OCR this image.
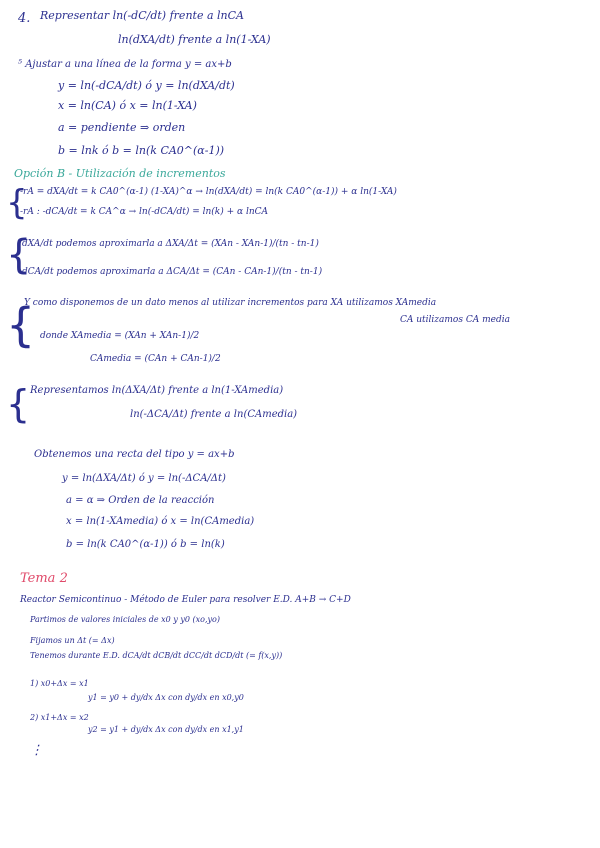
4. Representar ln(-dC/dt) frente a lnCA
ln(dXA/dt) frente a ln(1-XA)
⁵ Ajustar a una línea de la forma y = ax+b
y = ln(-dCA/dt) ó y = ln(dXA/dt)
x = ln(CA) ó x = ln(1-XA)
a = pendiente ⇒ orden
b = lnk ó b = ln(k CA0^(α-1))
Opción B - Utilización de incrementos
{
-rA = dXA/dt = k CA0^(α-1) (1-XA)^α → ln(dXA/dt) = ln(k CA0^(α-1)) + α ln(1-XA)
-rA : -dCA/dt = k CA^α → ln(-dCA/dt) = ln(k) + α lnCA
{
dXA/dt podemos aproximarla a ΔXA/Δt = (XAn - XAn-1)/(tn - tn-1)
dCA/dt podemos aproximarla a ΔCA/Δt = (CAn - CAn-1)/(tn - tn-1)
{
Y como disponemos de un dato menos al utilizar incrementos para XA utilizamos XAmedia
CA utilizamos CA media
donde XAmedia = (XAn + XAn-1)/2
CAmedia = (CAn + CAn-1)/2
{ Representamos ln(ΔXA/Δt) frente a ln(1-XAmedia)
ln(-ΔCA/Δt) frente a ln(CAmedia)
Obtenemos una recta del tipo y = ax+b
y = ln(ΔXA/Δt) ó y = ln(-ΔCA/Δt)
a = α ⇒ Orden de la reacción
x = ln(1-XAmedia) ó x = ln(CAmedia)
b = ln(k CA0^(α-1)) ó b = ln(k)
Tema 2
Reactor Semicontinuo - Método de Euler para resolver E.D. A+B → C+D
Partimos de valores iniciales de x0 y y0 (xo,yo)
Fijamos un Δt (= Δx)
Tenemos durante E.D. dCA/dt dCB/dt dCC/dt dCD/dt (= f(x,y))
1) x0+Δx = x1
y1 = y0 + dy/dx Δx con dy/dx en x0,y0
2) x1+Δx = x2
y2 = y1 + dy/dx Δx con dy/dx en x1,y1
⋮
